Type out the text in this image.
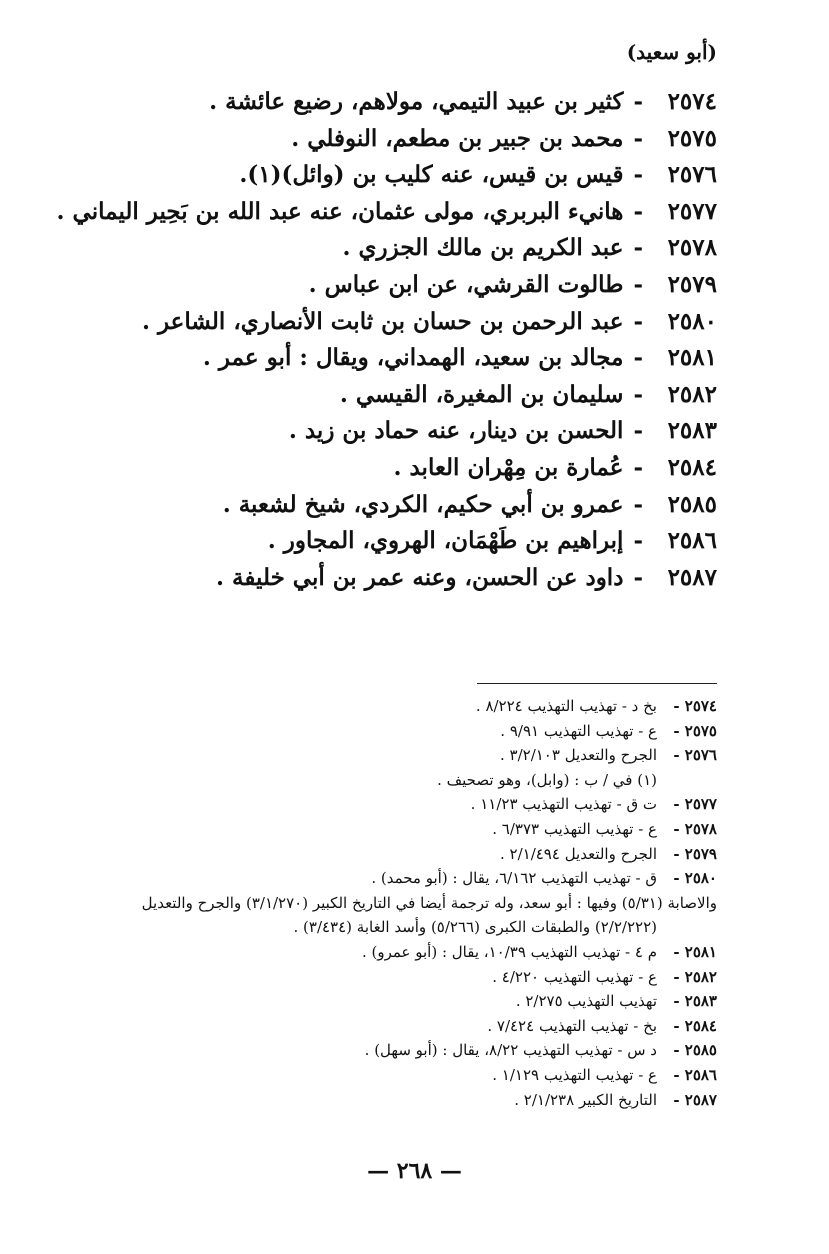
(أبو سعيد)
٢٥٧٤-كثير بن عبيد التيمي، مولاهم، رضيع عائشة .
٢٥٧٥-محمد بن جبير بن مطعم، النوفلي .
٢٥٧٦-قيس بن قيس، عنه كليب بن (وائل)(١).
٢٥٧٧-هانيء البربري، مولى عثمان، عنه عبد الله بن بَحِير اليماني .
٢٥٧٨-عبد الكريم بن مالك الجزري .
٢٥٧٩-طالوت القرشي، عن ابن عباس .
٢٥٨٠-عبد الرحمن بن حسان بن ثابت الأنصاري، الشاعر .
٢٥٨١-مجالد بن سعيد، الهمداني، ويقال : أبو عمر .
٢٥٨٢-سليمان بن المغيرة، القيسي .
٢٥٨٣-الحسن بن دينار، عنه حماد بن زيد .
٢٥٨٤-عُمارة بن مِهْران العابد .
٢٥٨٥-عمرو بن أبي حكيم، الكردي، شيخ لشعبة .
٢٥٨٦-إبراهيم بن طَهْمَان، الهروي، المجاور .
٢٥٨٧-داود عن الحسن، وعنه عمر بن أبي خليفة .
٢٥٧٤ -بخ د - تهذيب التهذيب ٨/٢٢٤ .
٢٥٧٥ -ع - تهذيب التهذيب ٩/٩١ .
٢٥٧٦ -الجرح والتعديل ٣/٢/١٠٣ .
(١) في / ب : (وابل)، وهو تصحيف .
٢٥٧٧ -ت ق - تهذيب التهذيب ١١/٢٣ .
٢٥٧٨ -ع - تهذيب التهذيب ٦/٣٧٣ .
٢٥٧٩ -الجرح والتعديل ٢/١/٤٩٤ .
٢٥٨٠ -ق - تهذيب التهذيب ٦/١٦٢، يقال : (أبو محمد) .
والاصابة (٥/٣١) وفيها : أبو سعد، وله ترجمة أيضا في التاريخ الكبير (٣/١/٢٧٠) والجرح والتعديل
(٢/٢/٢٢٢) والطبقات الكبرى (٥/٢٦٦) وأسد الغابة (٣/٤٣٤) .
٢٥٨١ -م ٤ - تهذيب التهذيب ١٠/٣٩، يقال : (أبو عمرو) .
٢٥٨٢ -ع - تهذيب التهذيب ٤/٢٢٠ .
٢٥٨٣ -تهذيب التهذيب ٢/٢٧٥ .
٢٥٨٤ -بخ - تهذيب التهذيب ٧/٤٢٤ .
٢٥٨٥ -د س - تهذيب التهذيب ٨/٢٢، يقال : (أبو سهل) .
٢٥٨٦ -ع - تهذيب التهذيب ١/١٢٩ .
٢٥٨٧ -التاريخ الكبير ٢/١/٢٣٨ .
— ٢٦٨ —
